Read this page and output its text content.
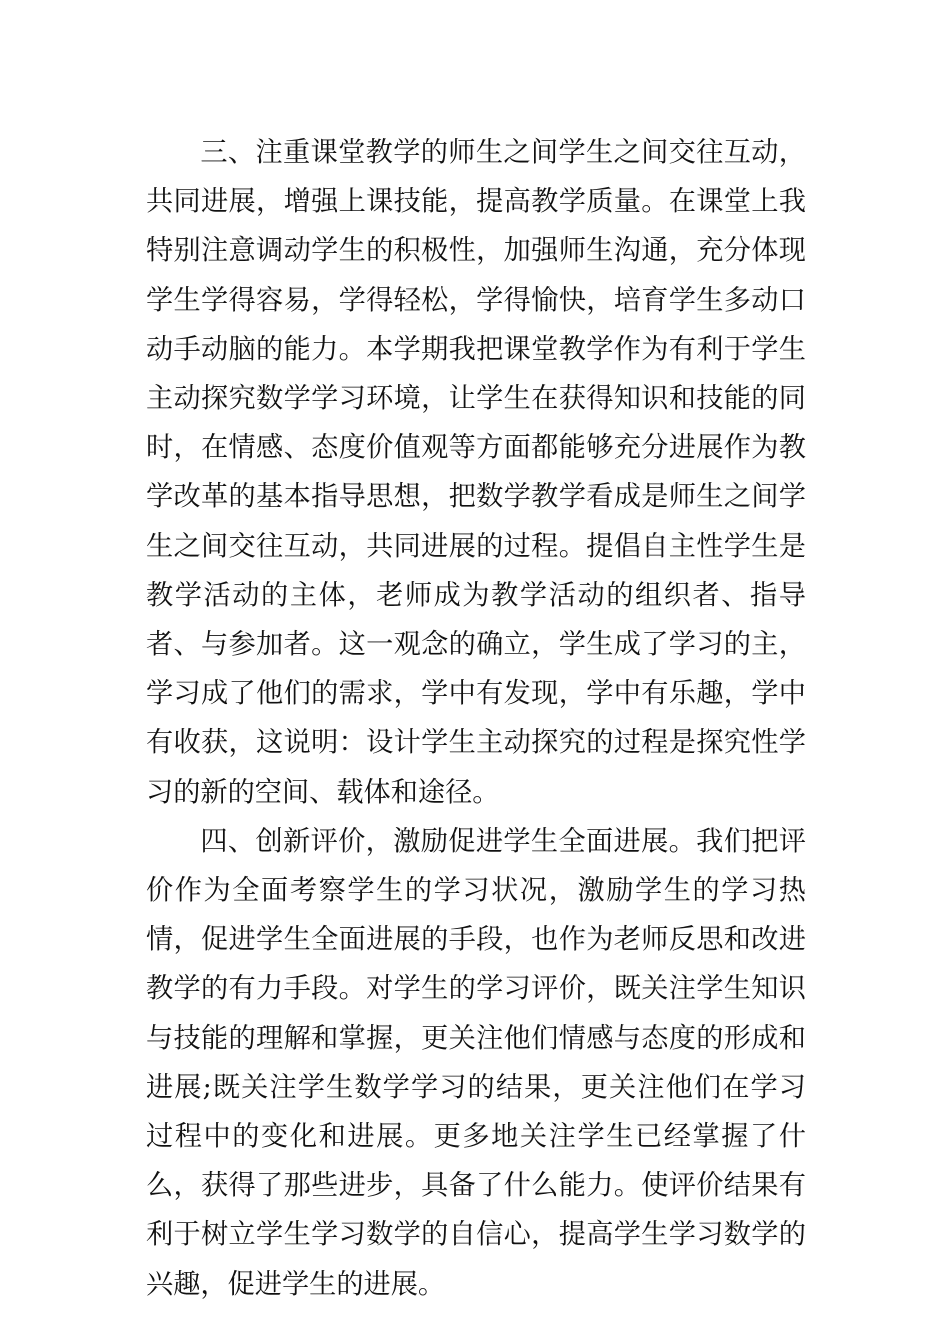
三、注重课堂教学的师生之间学生之间交往互动，共同进展，增强上课技能，提高教学质量。在课堂上我特别注意调动学生的积极性，加强师生沟通，充分体现学生学得容易，学得轻松，学得愉快，培育学生多动口动手动脑的能力。本学期我把课堂教学作为有利于学生主动探究数学学习环境，让学生在获得知识和技能的同时，在情感、态度价值观等方面都能够充分进展作为教学改革的基本指导思想，把数学教学看成是师生之间学生之间交往互动，共同进展的过程。提倡自主性学生是教学活动的主体，老师成为教学活动的组织者、指导者、与参加者。这一观念的确立，学生成了学习的主，学习成了他们的需求，学中有发现，学中有乐趣，学中有收获，这说明：设计学生主动探究的过程是探究性学习的新的空间、载体和途径。

四、创新评价，激励促进学生全面进展。我们把评价作为全面考察学生的学习状况，激励学生的学习热情，促进学生全面进展的手段，也作为老师反思和改进教学的有力手段。对学生的学习评价，既关注学生知识与技能的理解和掌握，更关注他们情感与态度的形成和进展;既关注学生数学学习的结果，更关注他们在学习过程中的变化和进展。更多地关注学生已经掌握了什么，获得了那些进步，具备了什么能力。使评价结果有利于树立学生学习数学的自信心，提高学生学习数学的兴趣，促进学生的进展。
